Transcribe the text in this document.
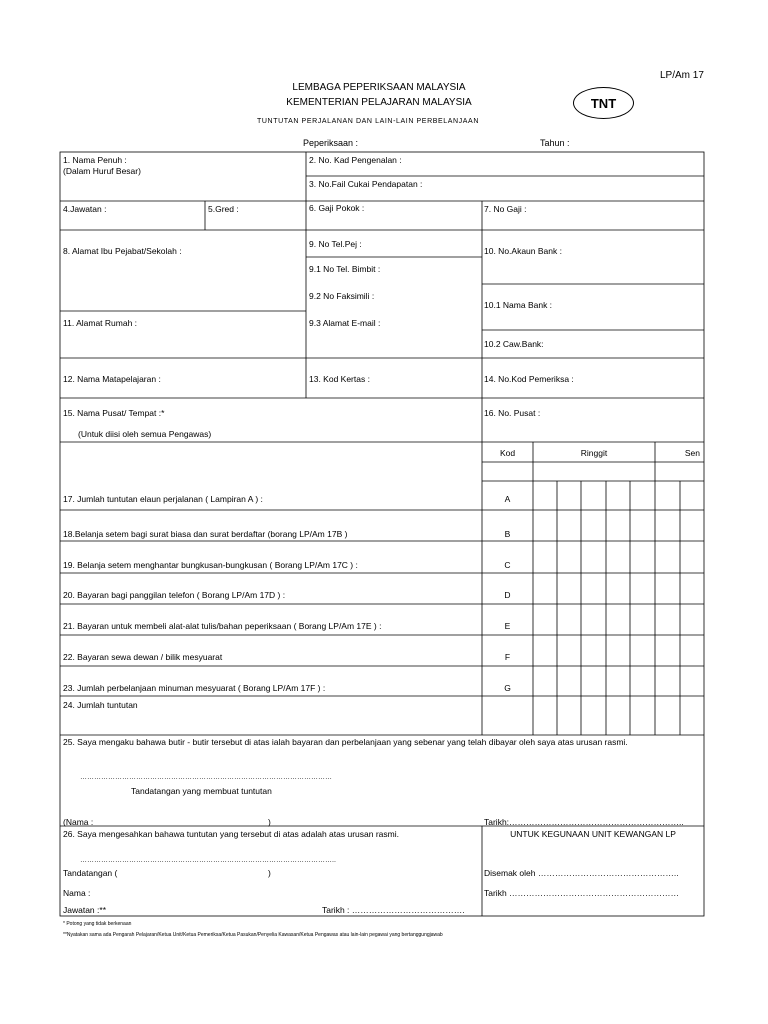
LP/Am 17
LEMBAGA PEPERIKSAAN MALAYSIA
KEMENTERIAN PELAJARAN MALAYSIA
TUNTUTAN PERJALANAN DAN LAIN-LAIN PERBELANJAAN
TNT
Peperiksaan :	Tahun :
1. Nama Penuh :
(Dalam Huruf Besar)
2. No. Kad Pengenalan :
3. No.Fail Cukai Pendapatan :
4.Jawatan :	5.Gred :	6. Gaji Pokok :	7. No Gaji :
8. Alamat Ibu Pejabat/Sekolah :
9. No Tel.Pej :
9.1 No Tel. Bimbit :
9.2 No Faksimili :
9.3 Alamat E-mail :
10. No.Akaun Bank :
10.1 Nama Bank :
10.2 Caw.Bank:
11. Alamat Rumah :
12. Nama Matapelajaran :	13. Kod Kertas :	14. No.Kod Pemeriksa :
15. Nama Pusat/ Tempat :*
(Untuk diisi oleh semua Pengawas)
16. No. Pusat :
Kod	Ringgit	Sen
17. Jumlah tuntutan elaun perjalanan ( Lampiran A ) :	A
18.Belanja setem bagi surat biasa dan surat berdaftar (borang LP/Am 17B )	B
19. Belanja setem menghantar bungkusan-bungkusan ( Borang LP/Am 17C ) :	C
20. Bayaran bagi panggilan telefon ( Borang LP/Am 17D ) :	D
21. Bayaran untuk membeli alat-alat tulis/bahan peperiksaan ( Borang LP/Am 17E ) :	E
22. Bayaran sewa dewan / bilik mesyuarat	F
23. Jumlah perbelanjaan minuman mesyuarat ( Borang LP/Am 17F ) :	G
24. Jumlah tuntutan
25. Saya mengaku bahawa butir - butir tersebut di atas ialah bayaran dan perbelanjaan yang sebenar yang telah dibayar oleh saya atas urusan rasmi.
………………………………………………………………………………………………
Tandatangan yang membuat tuntutan
(Nama :	)	Tarikh:……………………………………………………..
26. Saya mengesahkan bahawa tuntutan yang tersebut di atas adalah atas urusan rasmi.
………………………………………………………………………………………………..
Tandatangan (	)
Nama :
Jawatan :**	Tarikh : ………………………………….
UNTUK KEGUNAAN UNIT KEWANGAN LP
Disemak oleh …………………………………………..
Tarikh ……………………………………………………
* Potong yang tidak berkenaan
**Nyatakan sama ada Pengarah Pelajaran/Ketua Unit/Ketua Pemeriksa/Ketua Pasukan/Penyelia Kawasan/Ketua Pengawas atau lain-lain pegawai yang bertanggungjawab
